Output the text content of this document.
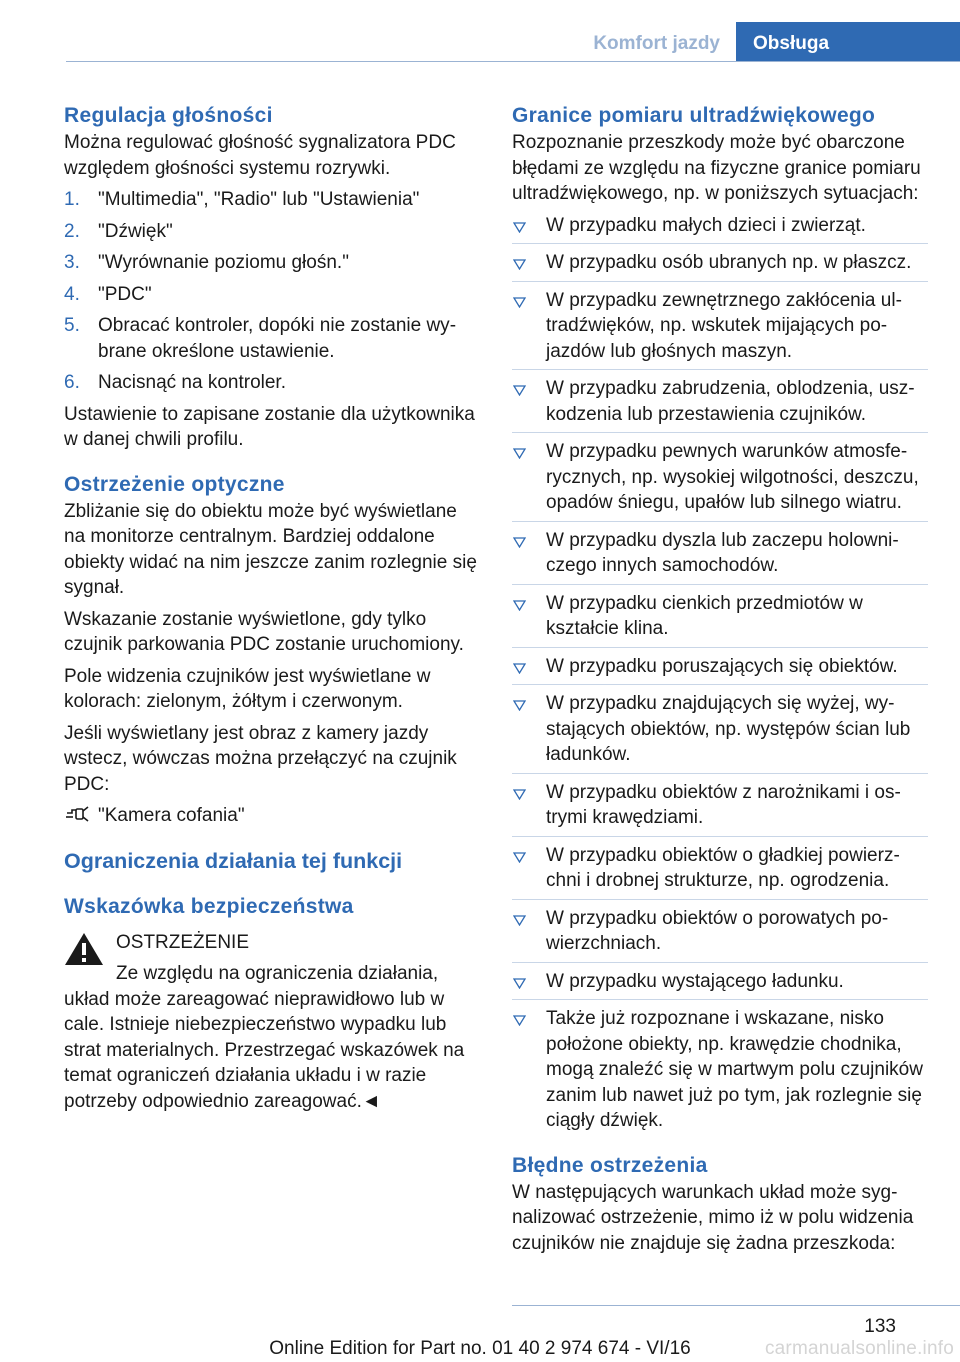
Komfort jazdy	Obsługa
Regulacja głośności

Można regulować głośność sygnalizatora PDC względem głośności systemu rozrywki.

1. "Multimedia", "Radio" lub "Ustawienia"
2. "Dźwięk"
3. "Wyrównanie poziomu głośn."
4. "PDC"
5. Obracać kontroler, dopóki nie zostanie wybrane określone ustawienie.
6. Nacisnąć na kontroler.

Ustawienie to zapisane zostanie dla użytkownika w danej chwili profilu.

Ostrzeżenie optyczne

Zbliżanie się do obiektu może być wyświetlane na monitorze centralnym. Bardziej oddalone obiekty widać na nim jeszcze zanim rozlegnie się sygnał.

Wskazanie zostanie wyświetlone, gdy tylko czujnik parkowania PDC zostanie uruchomiony.

Pole widzenia czujników jest wyświetlane w kolorach: zielonym, żółtym i czerwonym.

Jeśli wyświetlany jest obraz z kamery jazdy wstecz, wówczas można przełączyć na czujnik PDC:

"Kamera cofania"
Ograniczenia działania tej funkcji
Wskazówka bezpieczeństwa

OSTRZEŻENIE

Ze względu na ograniczenia działania, układ może zareagować nieprawidłowo lub w cale. Istnieje niebezpieczeństwo wypadku lub strat materialnych. Przestrzegać wskazówek na temat ograniczeń działania układu i w razie potrzeby odpowiednio zareagować.◄

Granice pomiaru ultradźwiękowego

Rozpoznanie przeszkody może być obarczone błędami ze względu na fizyczne granice pomiaru ultradźwiękowego, np. w poniższych sytuacjach:

W przypadku małych dzieci i zwierząt.
W przypadku osób ubranych np. w płaszcz.
W przypadku zewnętrznego zakłócenia ultradźwięków, np. wskutek mijających pojazdów lub głośnych maszyn.
W przypadku zabrudzenia, oblodzenia, uszkodzenia lub przestawienia czujników.
W przypadku pewnych warunków atmosferycznych, np. wysokiej wilgotności, deszczu, opadów śniegu, upałów lub silnego wiatru.
W przypadku dyszla lub zaczepu holowniczego innych samochodów.
W przypadku cienkich przedmiotów w kształcie klina.
W przypadku poruszających się obiektów.
W przypadku znajdujących się wyżej, wystających obiektów, np. występów ścian lub ładunków.
W przypadku obiektów z narożnikami i ostrymi krawędziami.
W przypadku obiektów o gładkiej powierzchni i drobnej strukturze, np. ogrodzenia.
W przypadku obiektów o porowatych powierzchniach.
W przypadku wystającego ładunku.
Także już rozpoznane i wskazane, nisko położone obiekty, np. krawędzie chodnika, mogą znaleźć się w martwym polu czujników zanim lub nawet już po tym, jak rozlegnie się ciągły dźwięk.
Błędne ostrzeżenia

W następujących warunkach układ może sygnalizować ostrzeżenie, mimo iż w polu widzenia czujników nie znajduje się żadna przeszkoda:

133
Online Edition for Part no. 01 40 2 974 674 - VI/16	carmanualsonline.info
